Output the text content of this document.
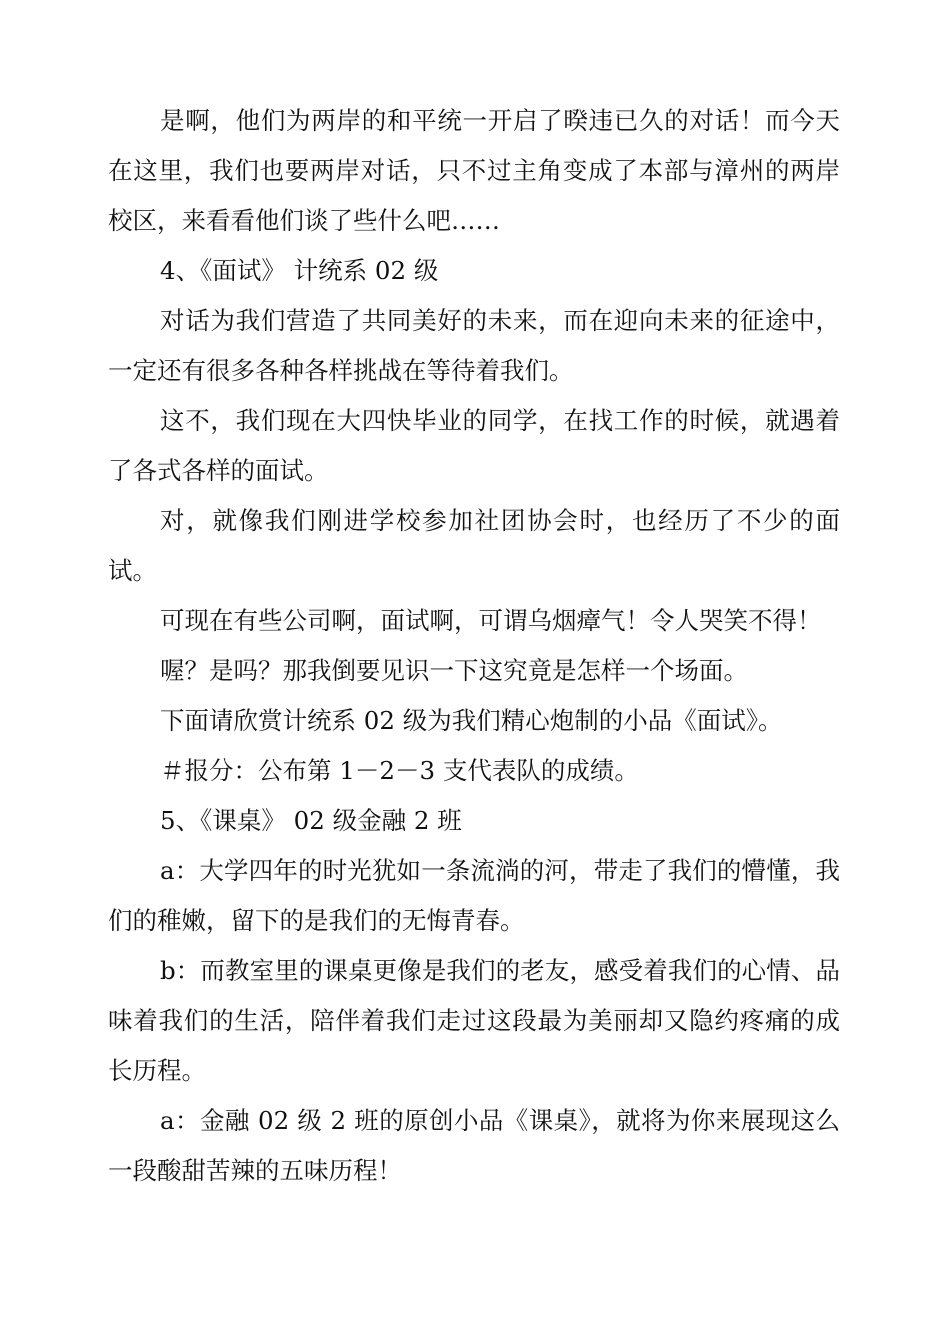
是啊，他们为两岸的和平统一开启了暌违已久的对话！而今天在这里，我们也要两岸对话，只不过主角变成了本部与漳州的两岸校区，来看看他们谈了些什么吧……

4、《面试》 计统系 02 级

对话为我们营造了共同美好的未来，而在迎向未来的征途中，一定还有很多各种各样挑战在等待着我们。

这不，我们现在大四快毕业的同学，在找工作的时候，就遇着了各式各样的面试。

对，就像我们刚进学校参加社团协会时，也经历了不少的面试。

可现在有些公司啊，面试啊，可谓乌烟瘴气！令人哭笑不得！

喔？是吗？那我倒要见识一下这究竟是怎样一个场面。

下面请欣赏计统系 02 级为我们精心炮制的小品《面试》。

＃报分：公布第 1－2－3 支代表队的成绩。

5、《课桌》 02 级金融 2 班

a：大学四年的时光犹如一条流淌的河，带走了我们的懵懂，我们的稚嫩，留下的是我们的无悔青春。

b：而教室里的课桌更像是我们的老友，感受着我们的心情、品味着我们的生活，陪伴着我们走过这段最为美丽却又隐约疼痛的成长历程。

a：金融 02 级 2 班的原创小品《课桌》，就将为你来展现这么一段酸甜苦辣的五味历程！
